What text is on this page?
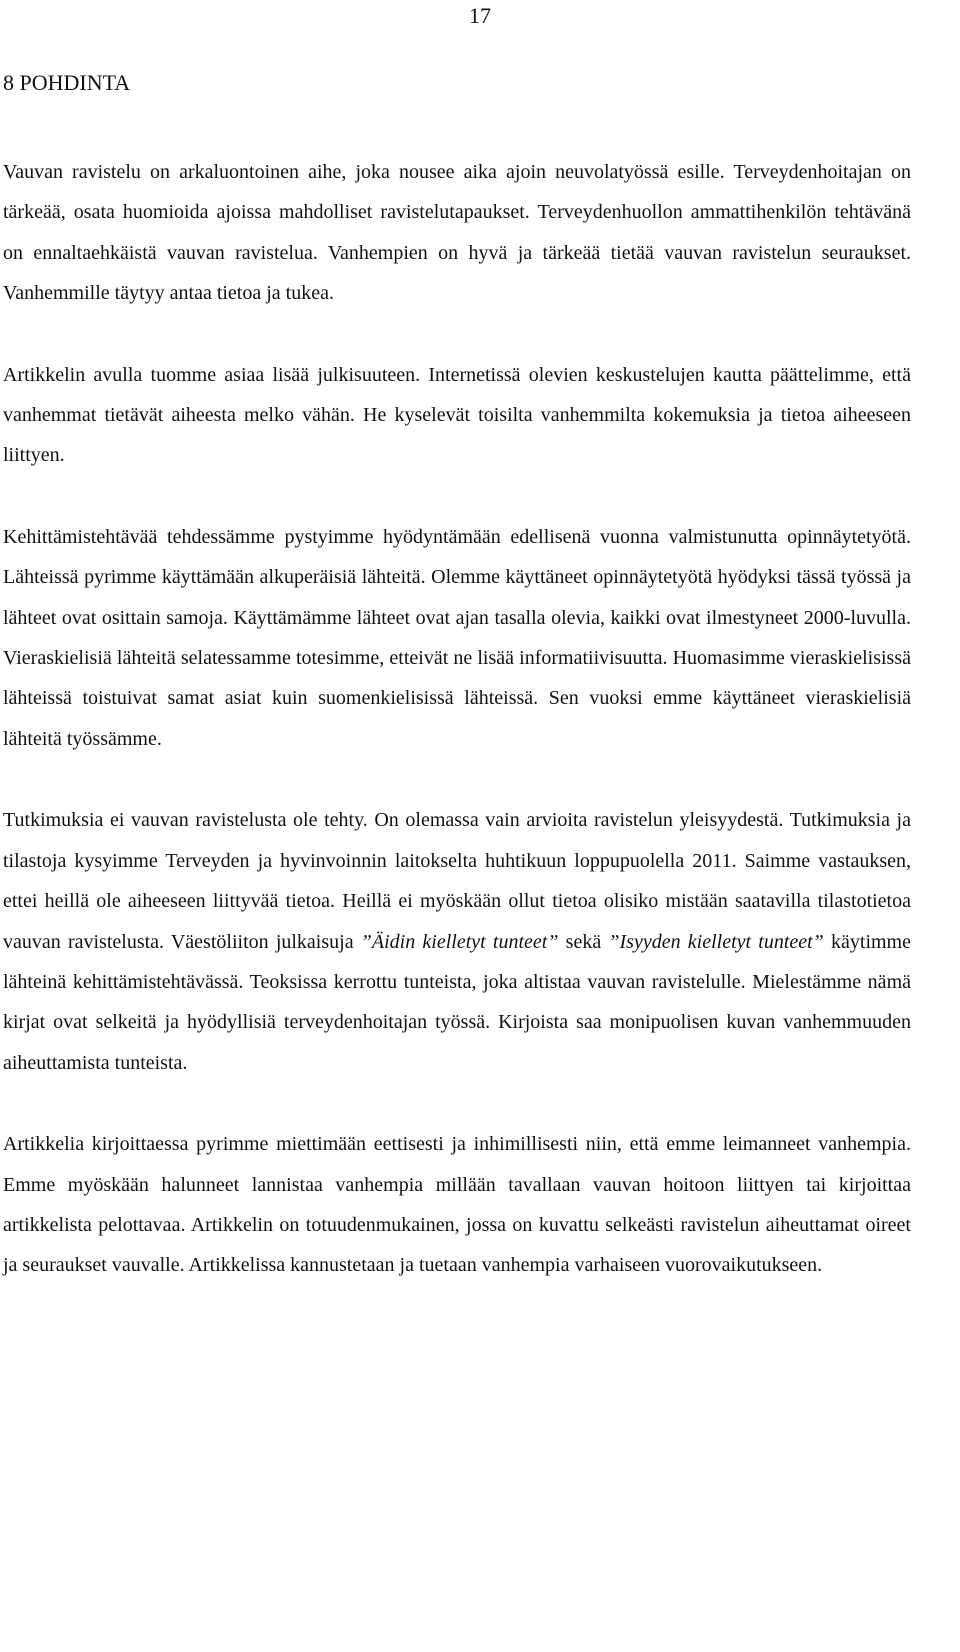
17
8 POHDINTA

Vauvan ravistelu on arkaluontoinen aihe, joka nousee aika ajoin neuvolatyössä esille. Terveydenhoitajan on tärkeää, osata huomioida ajoissa mahdolliset ravistelutapaukset. Terveydenhuollon ammattihenkilön tehtävänä on ennaltaehkäistä vauvan ravistelua. Vanhempien on hyvä ja tärkeää tietää vauvan ravistelun seuraukset. Vanhemmille täytyy antaa tietoa ja tukea.

Artikkelin avulla tuomme asiaa lisää julkisuuteen. Internetissä olevien keskustelujen kautta päättelimme, että vanhemmat tietävät aiheesta melko vähän. He kyselevät toisilta vanhemmilta kokemuksia ja tietoa aiheeseen liittyen.

Kehittämistehtävää tehdessämme pystyimme hyödyntämään edellisenä vuonna valmistunutta opinnäytetyötä. Lähteissä pyrimme käyttämään alkuperäisiä lähteitä. Olemme käyttäneet opinnäytetyötä hyödyksi tässä työssä ja lähteet ovat osittain samoja. Käyttämämme lähteet ovat ajan tasalla olevia, kaikki ovat ilmestyneet 2000-luvulla. Vieraskielisiä lähteitä selatessamme totesimme, etteivät ne lisää informatiivisuutta. Huomasimme vieraskielisissä lähteissä toistuivat samat asiat kuin suomenkielisissä lähteissä. Sen vuoksi emme käyttäneet vieraskielisiä lähteitä työssämme.

Tutkimuksia ei vauvan ravistelusta ole tehty. On olemassa vain arvioita ravistelun yleisyydestä. Tutkimuksia ja tilastoja kysyimme Terveyden ja hyvinvoinnin laitokselta huhtikuun loppupuolella 2011. Saimme vastauksen, ettei heillä ole aiheeseen liittyvää tietoa. Heillä ei myöskään ollut tietoa olisiko mistään saatavilla tilastotietoa vauvan ravistelusta. Väestöliiton julkaisuja ”Äidin kielletyt tunteet” sekä ”Isyyden kielletyt tunteet” käytimme lähteinä kehittämistehtävässä. Teoksissa kerrottu tunteista, joka altistaa vauvan ravistelulle. Mielestämme nämä kirjat ovat selkeitä ja hyödyllisiä terveydenhoitajan työssä. Kirjoista saa monipuolisen kuvan vanhemmuuden aiheuttamista tunteista.

Artikkelia kirjoittaessa pyrimme miettimään eettisesti ja inhimillisesti niin, että emme leimanneet vanhempia. Emme myöskään halunneet lannistaa vanhempia millään tavallaan vauvan hoitoon liittyen tai kirjoittaa artikkelista pelottavaa. Artikkelin on totuudenmukainen, jossa on kuvattu selkeästi ravistelun aiheuttamat oireet ja seuraukset vauvalle. Artikkelissa kannustetaan ja tuetaan vanhempia varhaiseen vuorovaikutukseen.
